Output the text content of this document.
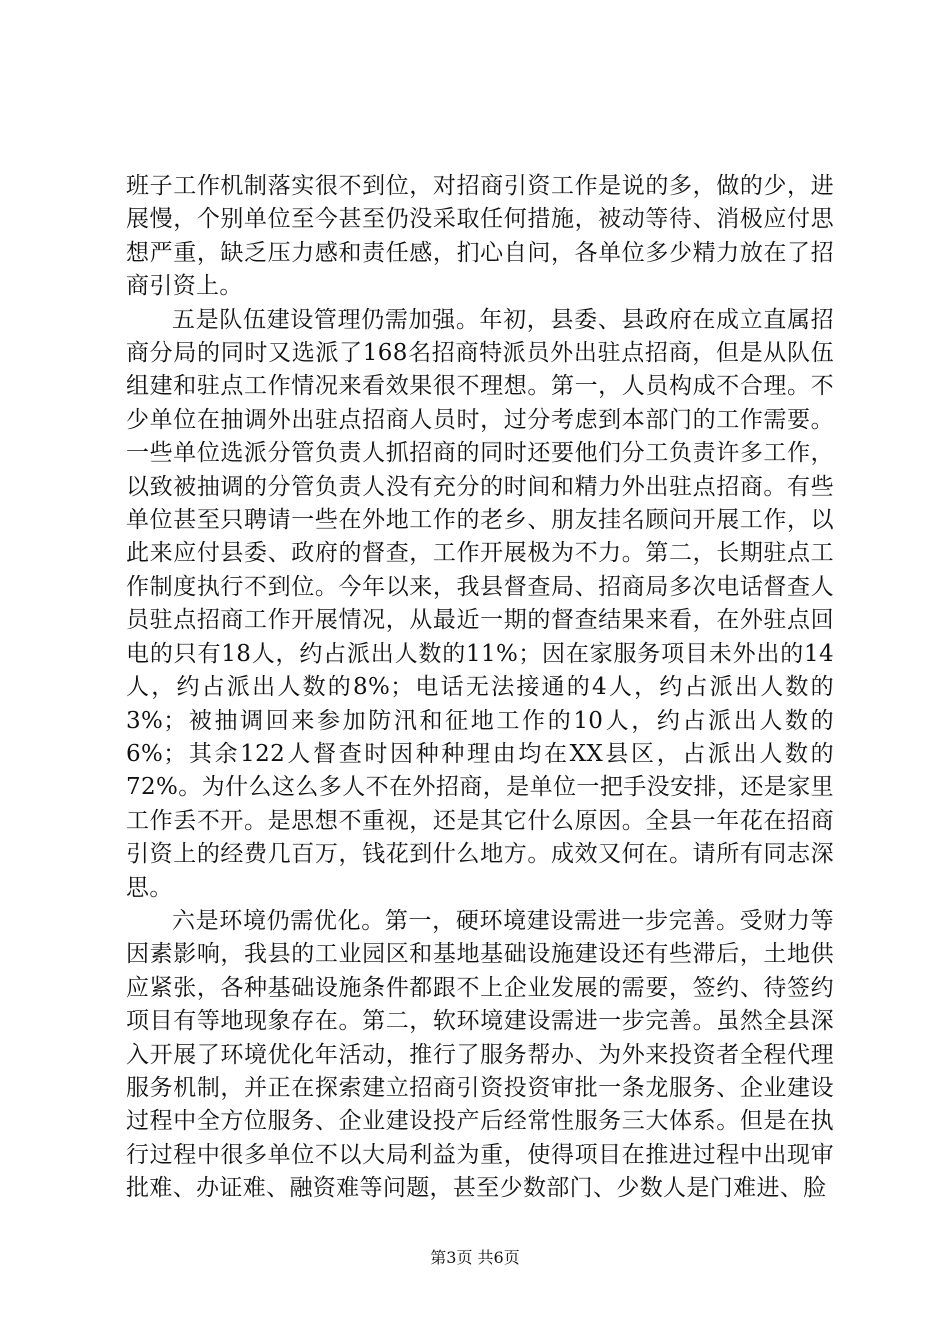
班子工作机制落实很不到位，对招商引资工作是说的多，做的少，进展慢，个别单位至今甚至仍没采取任何措施，被动等待、消极应付思想严重，缺乏压力感和责任感，扪心自问，各单位多少精力放在了招商引资上。

五是队伍建设管理仍需加强。年初，县委、县政府在成立直属招商分局的同时又选派了168名招商特派员外出驻点招商，但是从队伍组建和驻点工作情况来看效果很不理想。第一，人员构成不合理。不少单位在抽调外出驻点招商人员时，过分考虑到本部门的工作需要。一些单位选派分管负责人抓招商的同时还要他们分工负责许多工作，以致被抽调的分管负责人没有充分的时间和精力外出驻点招商。有些单位甚至只聘请一些在外地工作的老乡、朋友挂名顾问开展工作，以此来应付县委、政府的督查，工作开展极为不力。第二，长期驻点工作制度执行不到位。今年以来，我县督查局、招商局多次电话督查人员驻点招商工作开展情况，从最近一期的督查结果来看，在外驻点回电的只有18人，约占派出人数的11%；因在家服务项目未外出的14人，约占派出人数的8%；电话无法接通的4人，约占派出人数的3%；被抽调回来参加防汛和征地工作的10人，约占派出人数的6%；其余122人督查时因种种理由均在XX县区，占派出人数的72%。为什么这么多人不在外招商，是单位一把手没安排，还是家里工作丢不开。是思想不重视，还是其它什么原因。全县一年花在招商引资上的经费几百万，钱花到什么地方。成效又何在。请所有同志深思。

六是环境仍需优化。第一，硬环境建设需进一步完善。受财力等因素影响，我县的工业园区和基地基础设施建设还有些滞后，土地供应紧张，各种基础设施条件都跟不上企业发展的需要，签约、待签约项目有等地现象存在。第二，软环境建设需进一步完善。虽然全县深入开展了环境优化年活动，推行了服务帮办、为外来投资者全程代理服务机制，并正在探索建立招商引资投资审批一条龙服务、企业建设过程中全方位服务、企业建设投产后经常性服务三大体系。但是在执行过程中很多单位不以大局利益为重，使得项目在推进过程中出现审批难、办证难、融资难等问题，甚至少数部门、少数人是门难进、脸

第3页 共6页
